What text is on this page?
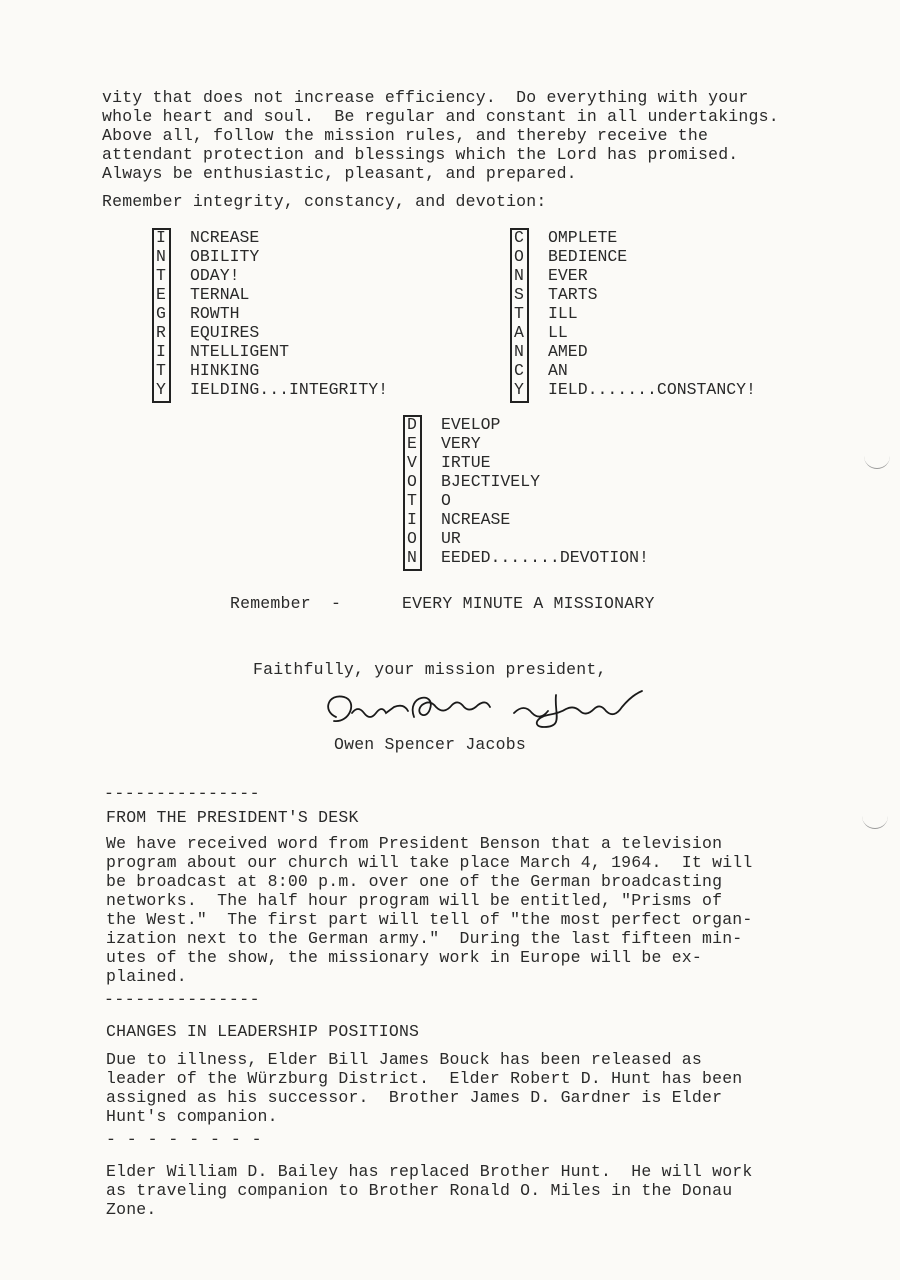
vity that does not increase efficiency.  Do everything with your
whole heart and soul.  Be regular and constant in all undertakings.
Above all, follow the mission rules, and thereby receive the
attendant protection and blessings which the Lord has promised.
Always be enthusiastic, pleasant, and prepared.
Remember integrity, constancy, and devotion:
I NCREASE
N OBILITY
T ODAY!
E TERNAL
G ROWTH
R EQUIRES
I NTELLIGENT
T HINKING
Y IELDING...INTEGRITY!
C OMPLETE
O BEDIENCE
N EVER
S TARTS
T ILL
A LL
N AMED
C AN
Y IELD.......CONSTANCY!
D EVELOP
E VERY
V IRTUE
O BJECTIVELY
T O
I NCREASE
O UR
N EEDED.......DEVOTION!
Remember  -	EVERY MINUTE A MISSIONARY
Faithfully, your mission president,
Owen Spencer Jacobs
---------------
FROM THE PRESIDENT'S DESK
We have received word from President Benson that a television
program about our church will take place March 4, 1964.  It will
be broadcast at 8:00 p.m. over one of the German broadcasting
networks.  The half hour program will be entitled, "Prisms of
the West."  The first part will tell of "the most perfect organ-
ization next to the German army."  During the last fifteen min-
utes of the show, the missionary work in Europe will be ex-
plained.
---------------
CHANGES IN LEADERSHIP POSITIONS
Due to illness, Elder Bill James Bouck has been released as
leader of the Würzburg District.  Elder Robert D. Hunt has been
assigned as his successor.  Brother James D. Gardner is Elder
Hunt's companion.
- - - - - - - -
Elder William D. Bailey has replaced Brother Hunt.  He will work
as traveling companion to Brother Ronald O. Miles in the Donau
Zone.
